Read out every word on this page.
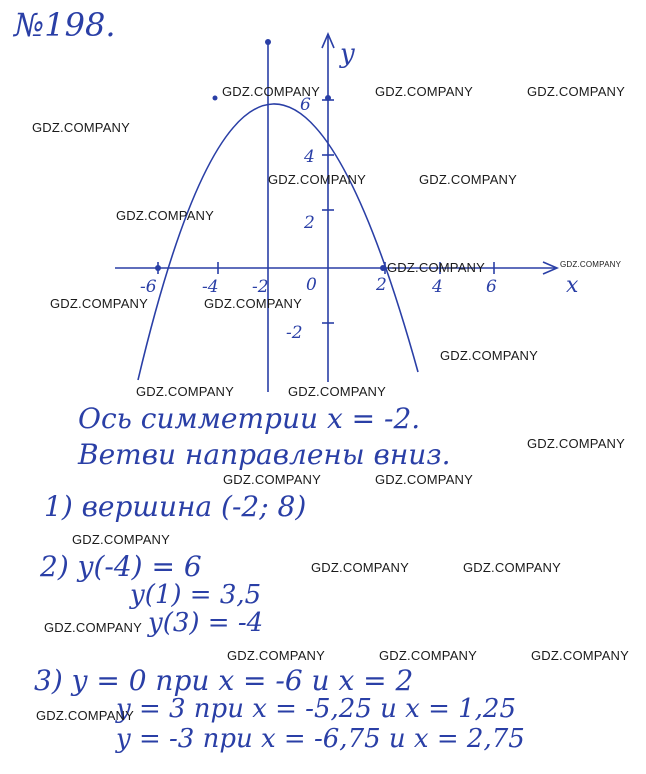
№198.
y
x
-6	-4 -2 0	2	4	6
6
4
2
-2
Ось симметрии x = -2.
Ветви направлены вниз.
1) вершина (-2; 8)
2) y(-4) = 6
y(1) = 3,5
y(3) = -4
3) y = 0 при x = -6 и x = 2
y = 3 при x = -5,25 и x = 1,25
y = -3 при x = -6,75 и x = 2,75
GDZ.COMPANY	GDZ.COMPANY	GDZ.COMPANY
GDZ.COMPANY
GDZ.COMPANY	GDZ.COMPANY
GDZ.COMPANY
GDZ.COMPANY	GDZ.COMPANY
GDZ.COMPANY	GDZ.COMPANY
GDZ.COMPANY
GDZ.COMPANY	GDZ.COMPANY
GDZ.COMPANY
GDZ.COMPANY	GDZ.COMPANY
GDZ.COMPANY
GDZ.COMPANY	GDZ.COMPANY
GDZ.COMPANY
GDZ.COMPANY	GDZ.COMPANY	GDZ.COMPANY
GDZ.COMPANY
